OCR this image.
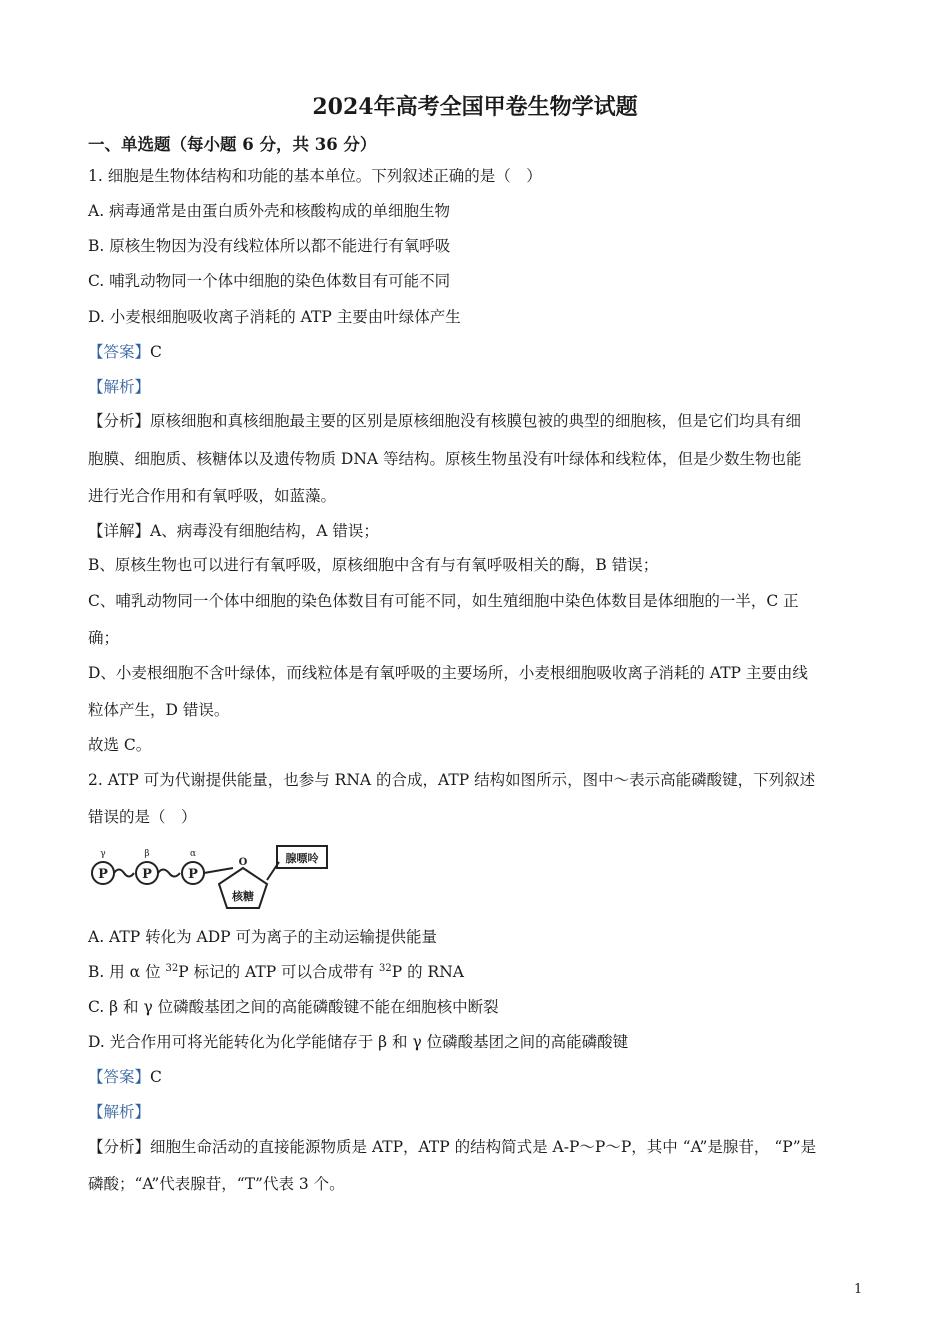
2024年高考全国甲卷生物学试题
一、单选题（每小题 6 分，共 36 分）
1. 细胞是生物体结构和功能的基本单位。下列叙述正确的是（　）
A. 病毒通常是由蛋白质外壳和核酸构成的单细胞生物
B. 原核生物因为没有线粒体所以都不能进行有氧呼吸
C. 哺乳动物同一个体中细胞的染色体数目有可能不同
D. 小麦根细胞吸收离子消耗的 ATP 主要由叶绿体产生
【答案】C
【解析】
【分析】原核细胞和真核细胞最主要的区别是原核细胞没有核膜包被的典型的细胞核，但是它们均具有细
胞膜、细胞质、核糖体以及遗传物质 DNA 等结构。原核生物虽没有叶绿体和线粒体，但是少数生物也能
进行光合作用和有氧呼吸，如蓝藻。
【详解】A、病毒没有细胞结构，A 错误；
B、原核生物也可以进行有氧呼吸，原核细胞中含有与有氧呼吸相关的酶，B 错误；
C、哺乳动物同一个体中细胞的染色体数目有可能不同，如生殖细胞中染色体数目是体细胞的一半，C 正
确；
D、小麦根细胞不含叶绿体，而线粒体是有氧呼吸的主要场所，小麦根细胞吸收离子消耗的 ATP 主要由线
粒体产生，D 错误。
故选 C。
2. ATP 可为代谢提供能量，也参与 RNA 的合成，ATP 结构如图所示，图中～表示高能磷酸键，下列叙述
错误的是（　）
P	P	P
γ	β	α
O
核糖
腺嘌呤
A. ATP 转化为 ADP 可为离子的主动运输提供能量
B. 用 α 位 $^{32}$P 标记的 ATP 可以合成带有 $^{32}$P 的 RNA
C. β 和 γ 位磷酸基团之间的高能磷酸键不能在细胞核中断裂
D. 光合作用可将光能转化为化学能储存于 β 和 γ 位磷酸基团之间的高能磷酸键
【答案】C
【解析】
【分析】细胞生命活动的直接能源物质是 ATP，ATP 的结构简式是 A-P～P～P，其中 “A”是腺苷， “P”是
磷酸；“A”代表腺苷，“T”代表 3 个。
1
